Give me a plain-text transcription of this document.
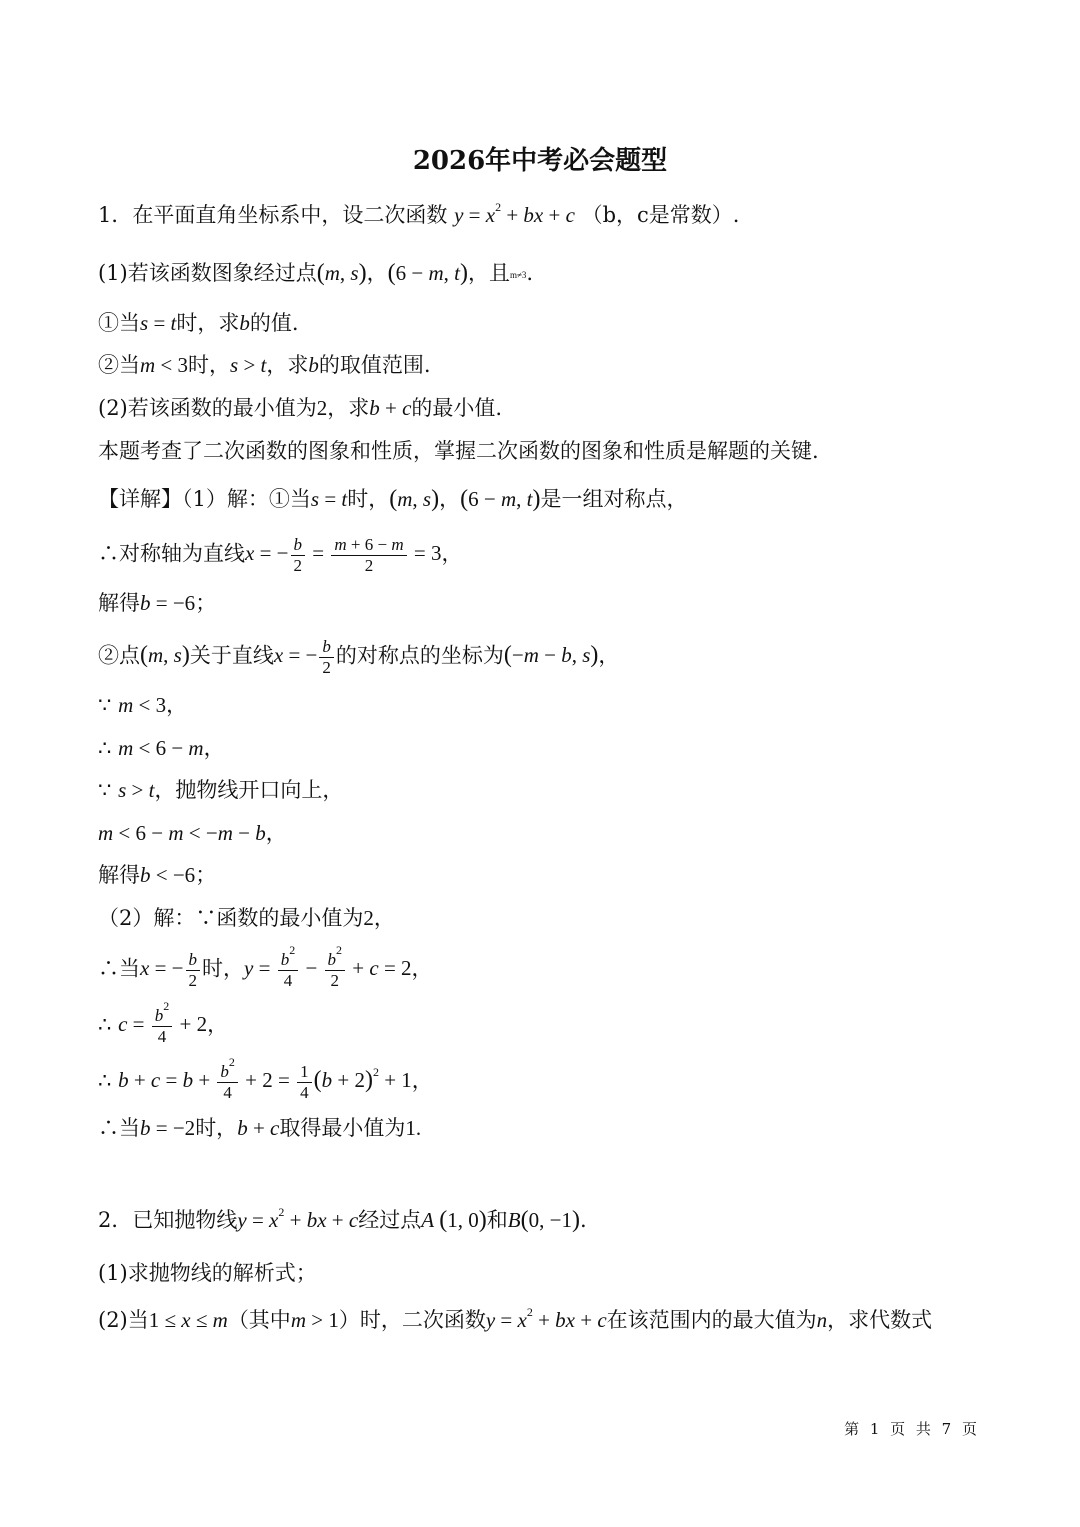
2026年中考必会题型
1．在平面直角坐标系中，设二次函数 $y = x^2$ + bx + c （b，c是常数）.
(1)若该函数图象经过点(m, s)，(6 − m, t)，且m≠3.
①当s = t时，求b的值.
②当m < 3时，s > t，求b的取值范围.
(2)若该函数的最小值为2，求b + c的最小值.
本题考查了二次函数的图象和性质，掌握二次函数的图象和性质是解题的关键.
【详解】（1）解：①当s = t时，(m, s)，(6 − m, t)是一组对称点，
∴对称轴为直线x = − $\frac{b}{2} = \frac{m + 6 - m}{2} = 3$，
解得b = −6；
②点(m, s)关于直线x = − $\frac{b}{2}$ 的对称点的坐标为(−m − b, s)，
∵ m < 3，
∴ m < 6 − m，
∵ s > t，抛物线开口向上，
m < 6 − m < −m − b，
解得b < −6；
（2）解：∵函数的最小值为2，
∴当x = − $\frac{b}{2}$ 时，$y = \frac{b^2}{4} - \frac{b^2}{2} + c = 2$，
∴ $c = \frac{b^2}{4} + 2$，
∴ $b + c = b + \frac{b^2}{4} + 2 = \frac{1}{4} (b + 2)^2 + 1$，
∴当b = −2时，b + c取得最小值为1.
2．已知抛物线$y = x^2$ + bx + c经过点A (1, 0)和B(0, −1).
(1)求抛物线的解析式；
(2)当1 ≤ x ≤ m（其中m > 1）时，二次函数$y = x^2$ + bx + c在该范围内的最大值为n，求代数式
第 1 页 共 7 页
